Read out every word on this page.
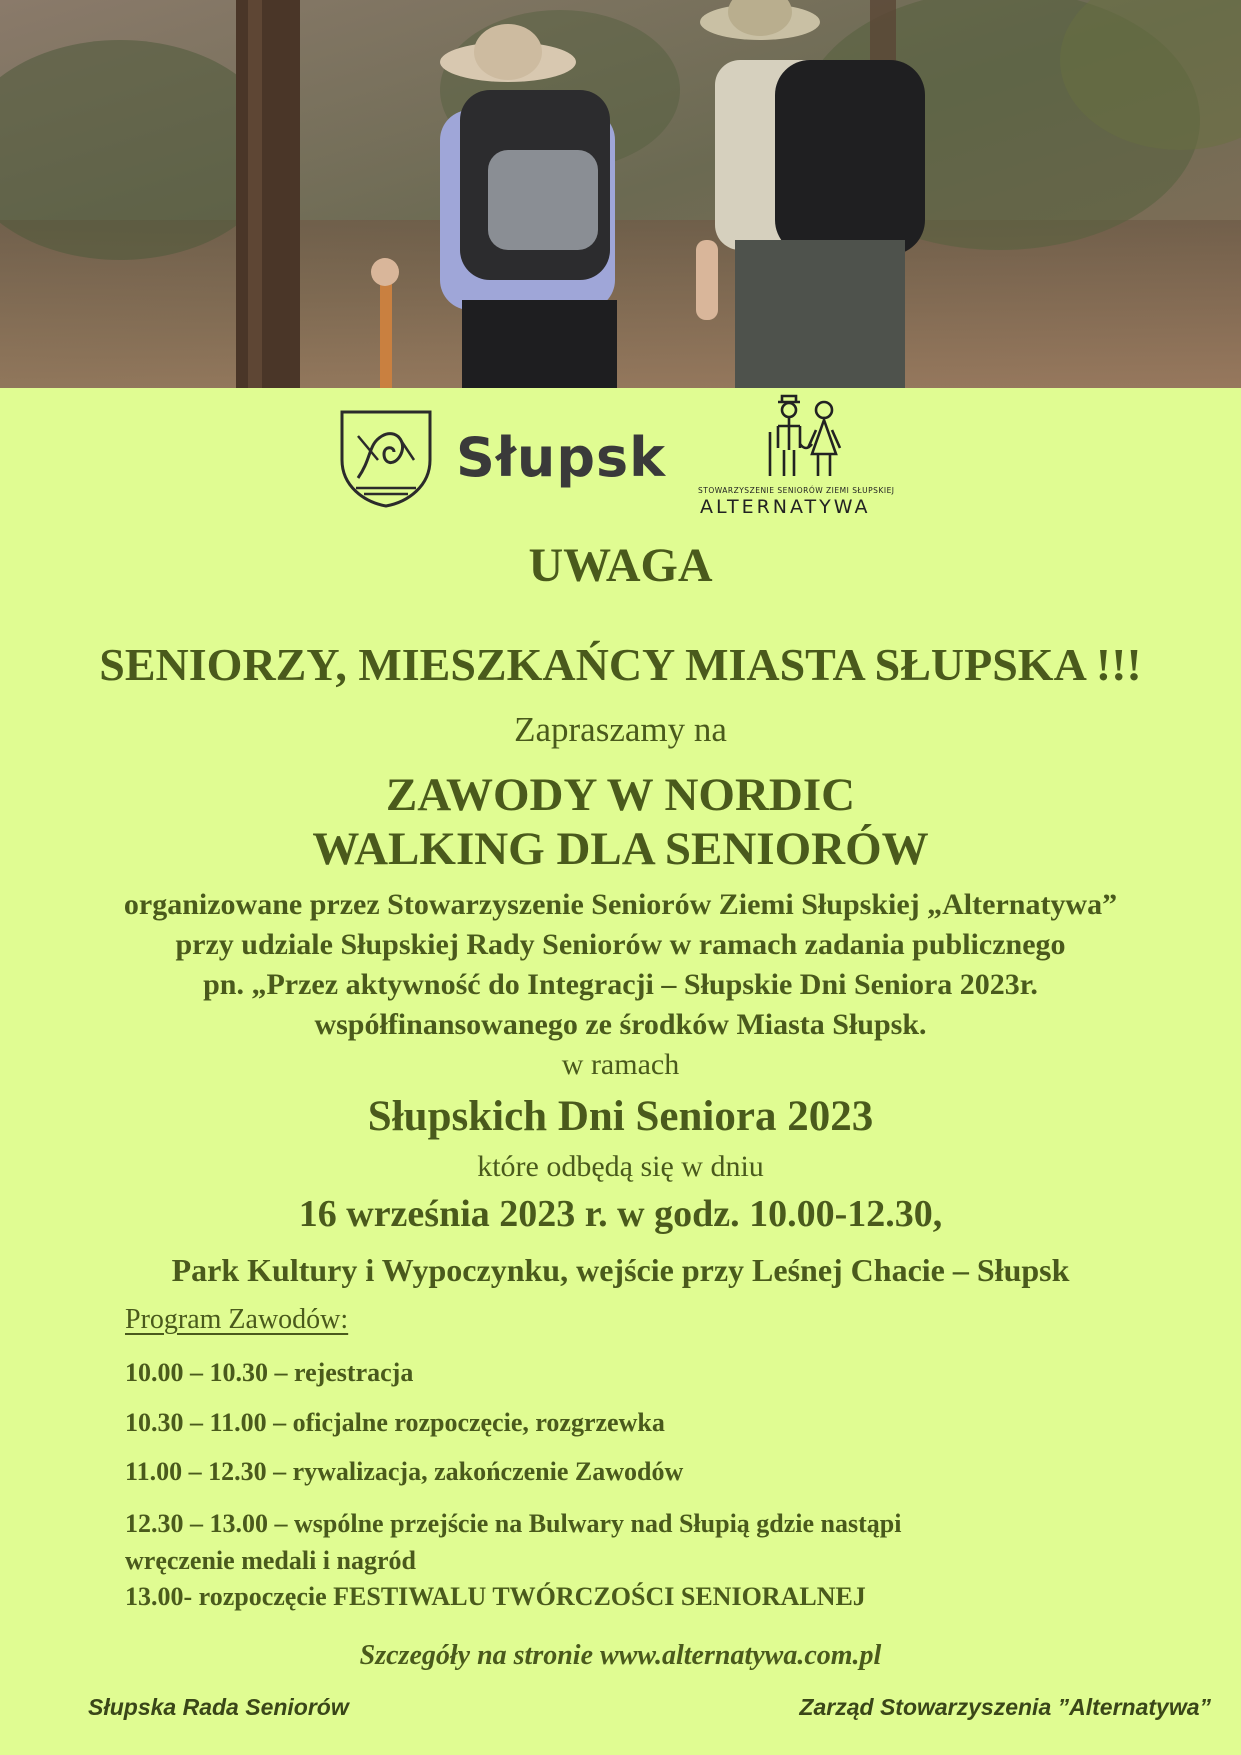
Słupsk
STOWARZYSZENIE SENIORÓW ZIEMI SŁUPSKIEJ
ALTERNATYWA
UWAGA
SENIORZY, MIESZKAŃCY MIASTA SŁUPSKA !!!
Zapraszamy na
ZAWODY W NORDIC
WALKING DLA SENIORÓW
organizowane przez Stowarzyszenie Seniorów Ziemi Słupskiej „Alternatywa”
przy udziale Słupskiej Rady Seniorów w ramach zadania publicznego
pn. „Przez aktywność do Integracji – Słupskie Dni Seniora 2023r.
współfinansowanego ze środków Miasta Słupsk.
w ramach
Słupskich Dni Seniora 2023
które odbędą się w dniu
16 września 2023 r. w godz. 10.00-12.30,
Park Kultury i Wypoczynku, wejście przy Leśnej Chacie – Słupsk
Program Zawodów:
10.00 – 10.30 – rejestracja
10.30 – 11.00 – oficjalne rozpoczęcie, rozgrzewka
11.00 – 12.30 – rywalizacja, zakończenie Zawodów
12.30 – 13.00 – wspólne przejście na Bulwary nad Słupią gdzie nastąpi
wręczenie medali i nagród
13.00- rozpoczęcie FESTIWALU TWÓRCZOŚCI SENIORALNEJ
Szczegóły na stronie www.alternatywa.com.pl
Słupska Rada Seniorów	Zarząd Stowarzyszenia ”Alternatywa”
